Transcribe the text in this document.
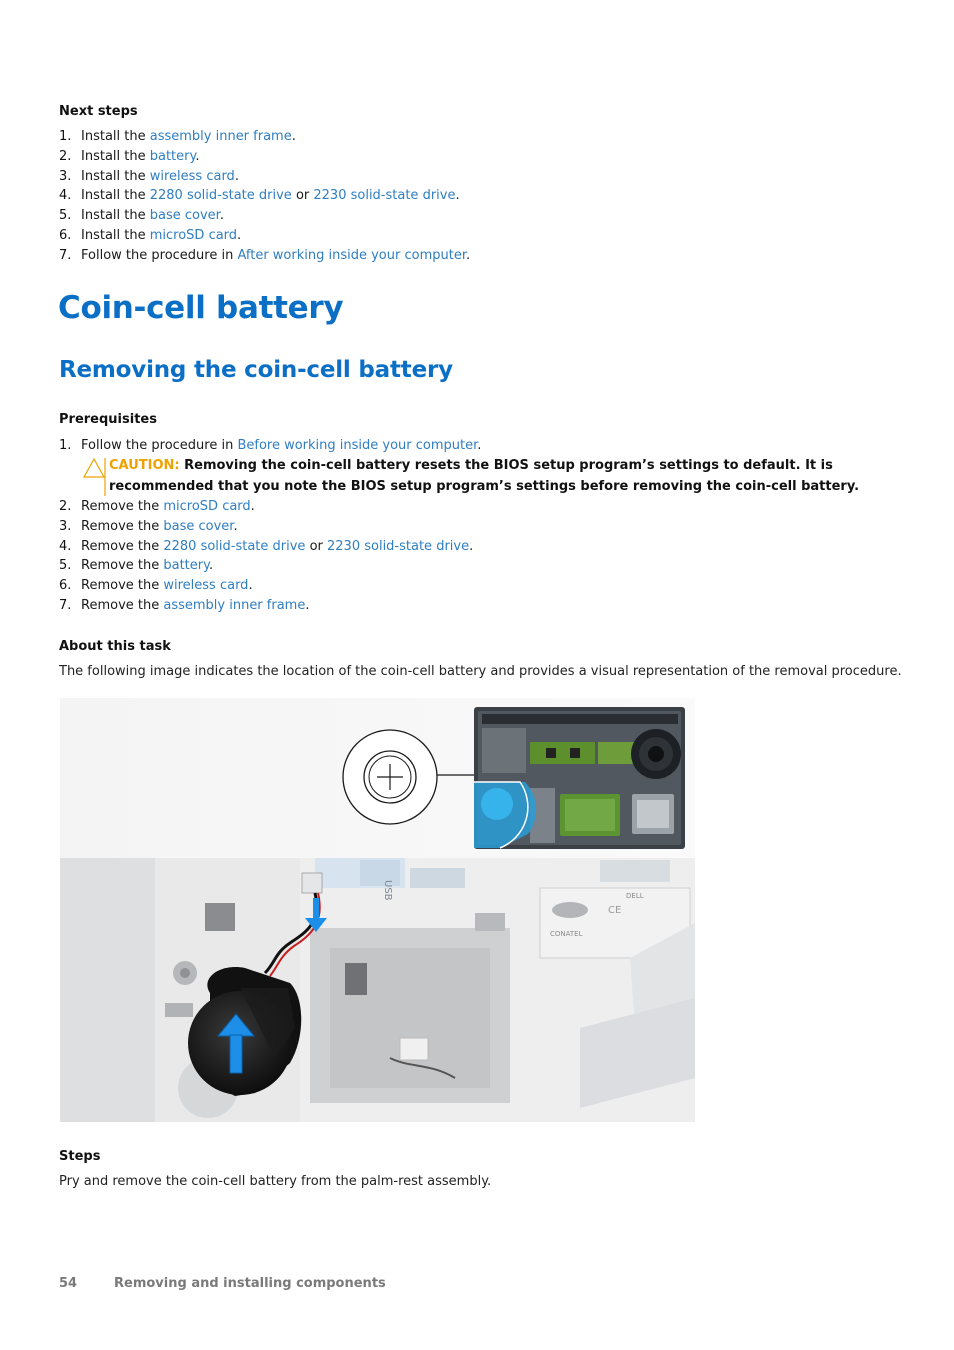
Next steps
1. Install the assembly inner frame.
2. Install the battery.
3. Install the wireless card.
4. Install the 2280 solid-state drive or 2230 solid-state drive.
5. Install the base cover.
6. Install the microSD card.
7. Follow the procedure in After working inside your computer.
Coin-cell battery
Removing the coin-cell battery
Prerequisites
1. Follow the procedure in Before working inside your computer.
CAUTION: Removing the coin-cell battery resets the BIOS setup program’s settings to default. It is
recommended that you note the BIOS setup program’s settings before removing the coin-cell battery.
2. Remove the microSD card.
3. Remove the base cover.
4. Remove the 2280 solid-state drive or 2230 solid-state drive.
5. Remove the battery.
6. Remove the wireless card.
7. Remove the assembly inner frame.
About this task
The following image indicates the location of the coin-cell battery and provides a visual representation of the removal procedure.
USB
CE
DELL
CONATEL
Steps
Pry and remove the coin-cell battery from the palm-rest assembly.
54	Removing and installing components
